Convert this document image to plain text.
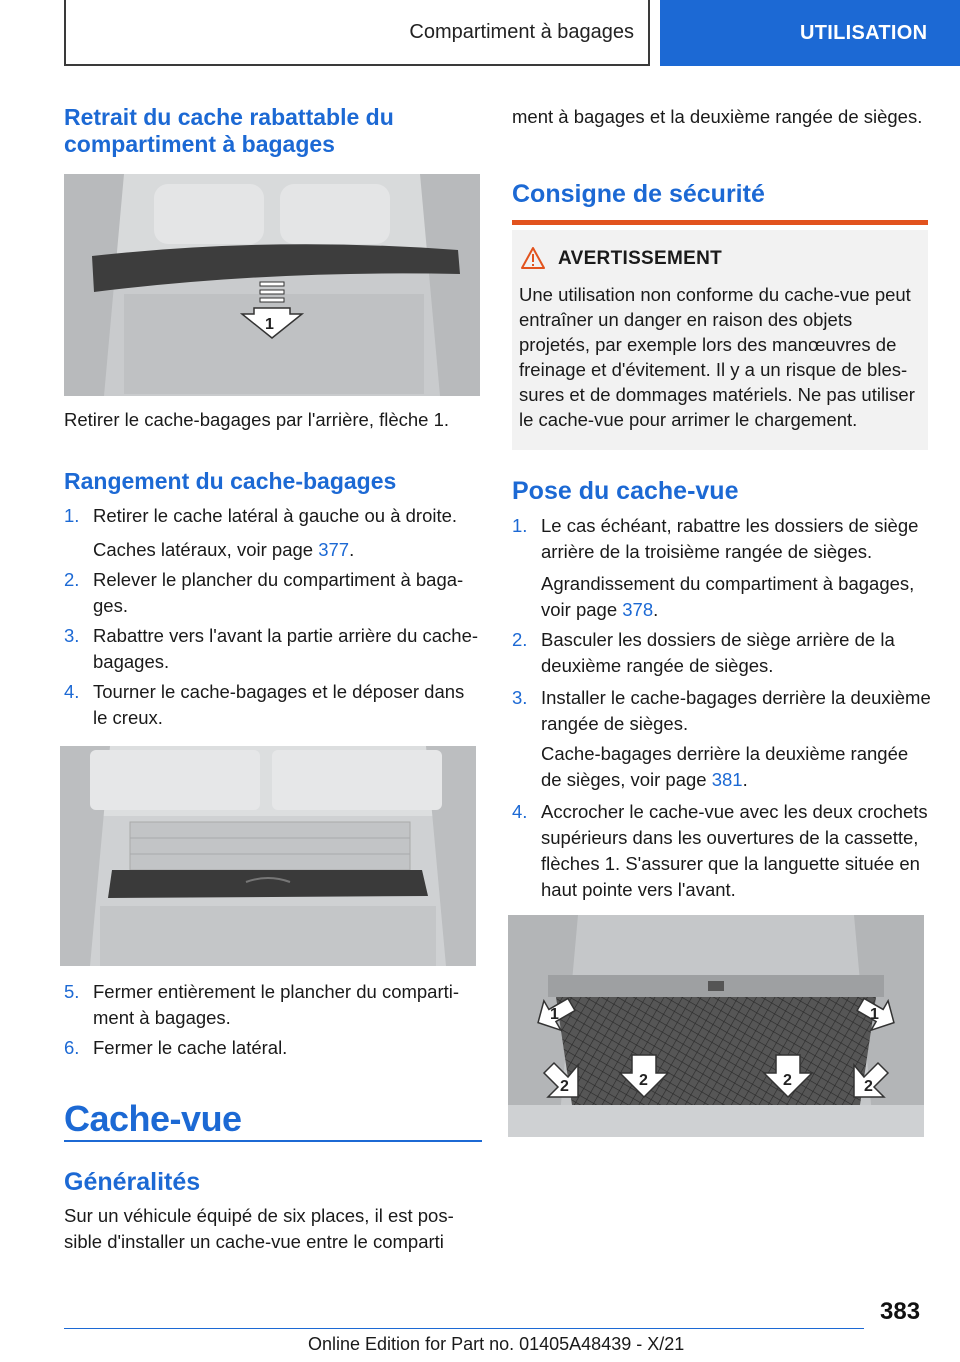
Compartiment à bagages	UTILISATION
Retrait du cache rabattable du compartiment à bagages
1
Retirer le cache-bagages par l'arrière, flèche 1.
Rangement du cache-bagages
1. Retirer le cache latéral à gauche ou à droite.
Caches latéraux, voir page 377.
2. Relever le plancher du compartiment à bagages.
3. Rabattre vers l'avant la partie arrière du cache-bagages.
4. Tourner le cache-bagages et le déposer dans le creux.
5. Fermer entièrement le plancher du compartiment à bagages.
6. Fermer le cache latéral.
Cache-vue
Généralités
Sur un véhicule équipé de six places, il est possible d'installer un cache-vue entre le comparti
ment à bagages et la deuxième rangée de sièges.
Consigne de sécurité
AVERTISSEMENT
Une utilisation non conforme du cache-vue peut entraîner un danger en raison des objets projetés, par exemple lors des manœuvres de freinage et d'évitement. Il y a un risque de blessures et de dommages matériels. Ne pas utiliser le cache-vue pour arrimer le chargement.
Pose du cache-vue
1. Le cas échéant, rabattre les dossiers de siège arrière de la troisième rangée de sièges.
Agrandissement du compartiment à bagages, voir page 378.
2. Basculer les dossiers de siège arrière de la deuxième rangée de sièges.
3. Installer le cache-bagages derrière la deuxième rangée de sièges.
Cache-bagages derrière la deuxième rangée de sièges, voir page 381.
4. Accrocher le cache-vue avec les deux crochets supérieurs dans les ouvertures de la cassette, flèches 1. S'assurer que la languette située en haut pointe vers l'avant.
1	1
2	2
2	2
383
Online Edition for Part no. 01405A48439 - X/21
